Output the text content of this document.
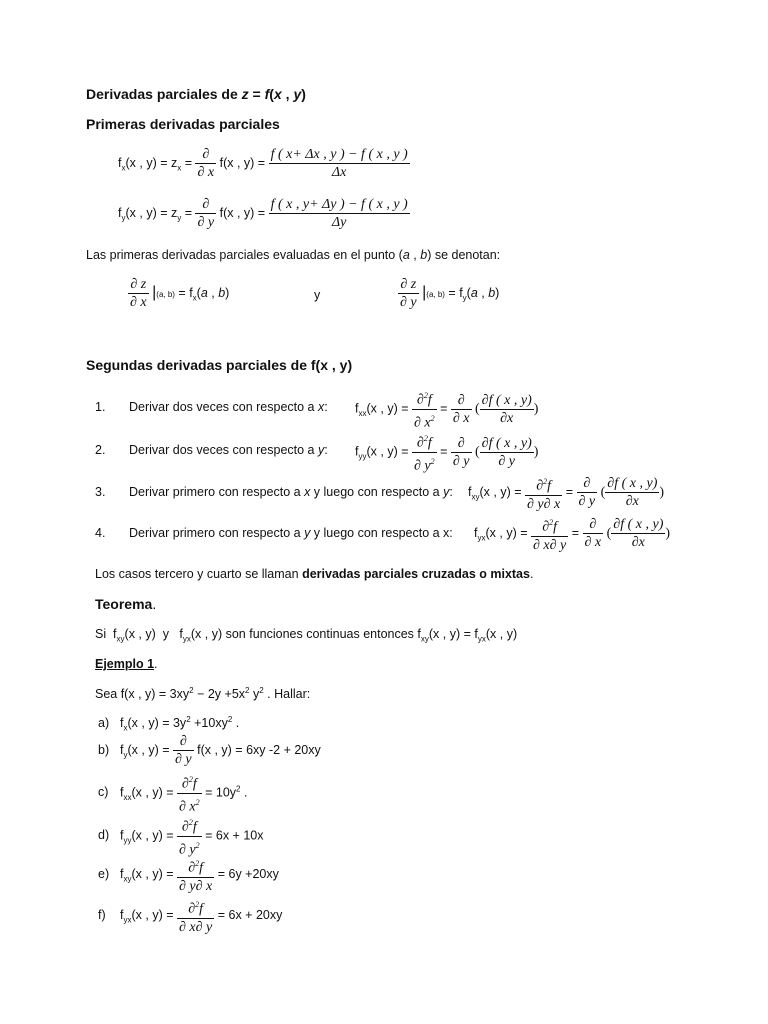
Derivadas parciales de z = f(x , y)
Primeras derivadas parciales
$f_x(x$ , $y) = z_x = \frac{\partial}{\partial x} f(x$ , $y) = \frac{f ( x+ \Delta x , y ) - f ( x , y )}{\Delta x}$
$f_y(x$ , $y) = z_y = \frac{\partial}{\partial y} f(x$ , $y) = \frac{f ( x , y+ \Delta y ) - f ( x , y )}{\Delta y}$
Las primeras derivadas parciales evaluadas en el punto (a , b) se denotan:
$\frac{\partial z}{\partial x} |(a$, $b) = f_x(a$ , b)	y	$\frac{\partial z}{\partial y} |(a$, $b) = f_y(a$ , b)
Segundas derivadas parciales de f(x , y)
1. Derivar dos veces con respecto a x: $f_{xx}(x$ , $y) = \frac{\partial^2f}{\partial x^2} = \frac{\partial}{\partial x}$ ( $\frac{\partial f ( x , y)}{\partial x}$ )
2. Derivar dos veces con respecto a y: $f_{yy}(x$ , $y) = \frac{\partial^2f}{\partial y^2} = \frac{\partial}{\partial y}$ ( $\frac{\partial f ( x , y)}{\partial y}$ )
3. Derivar primero con respecto a x y luego con respecto a y: $f_{xy}(x$ , $y) = \frac{\partial^2f}{\partial y\partial x} = \frac{\partial}{\partial y}$ ( $\frac{\partial f ( x , y)}{\partial x}$ )
4. Derivar primero con respecto a y y luego con respecto a x: $f_{yx}(x$ , $y) = \frac{\partial^2f}{\partial x\partial y} = \frac{\partial}{\partial x}$ ( $\frac{\partial f ( x , y)}{\partial x}$ )
Los casos tercero y cuarto se llaman derivadas parciales cruzadas o mixtas.
Teorema.
Si  $f_{xy}(x$ , y)  y   $f_{yx}(x$ , y) son funciones continuas entonces $f_{xy}(x$ , $y) = f_{yx}(x$ , y)
Ejemplo 1.
Sea f(x , $y) = 3xy^2 - 2y +5x^2$ $y^2$ . Hallar:
a) $f_x(x$ , $y) = 3y^2 +10xy^2$ .
b) $f_y(x$ , $y) = \frac{\partial}{\partial y} f(x$ , y) = 6xy -2 + 20xy
c) $f_{xx}(x$ , $y) = \frac{\partial^2f}{\partial x^2} = 10y^2$ .
d) $f_{yy}(x$ , $y) = \frac{\partial^2f}{\partial y^2} = 6x + 10x$
e) $f_{xy}(x$ , $y) = \frac{\partial^2f}{\partial y\partial x} = 6y +20xy$
f) $f_{yx}(x$ , $y) = \frac{\partial^2f}{\partial x\partial y} = 6x + 20xy$
